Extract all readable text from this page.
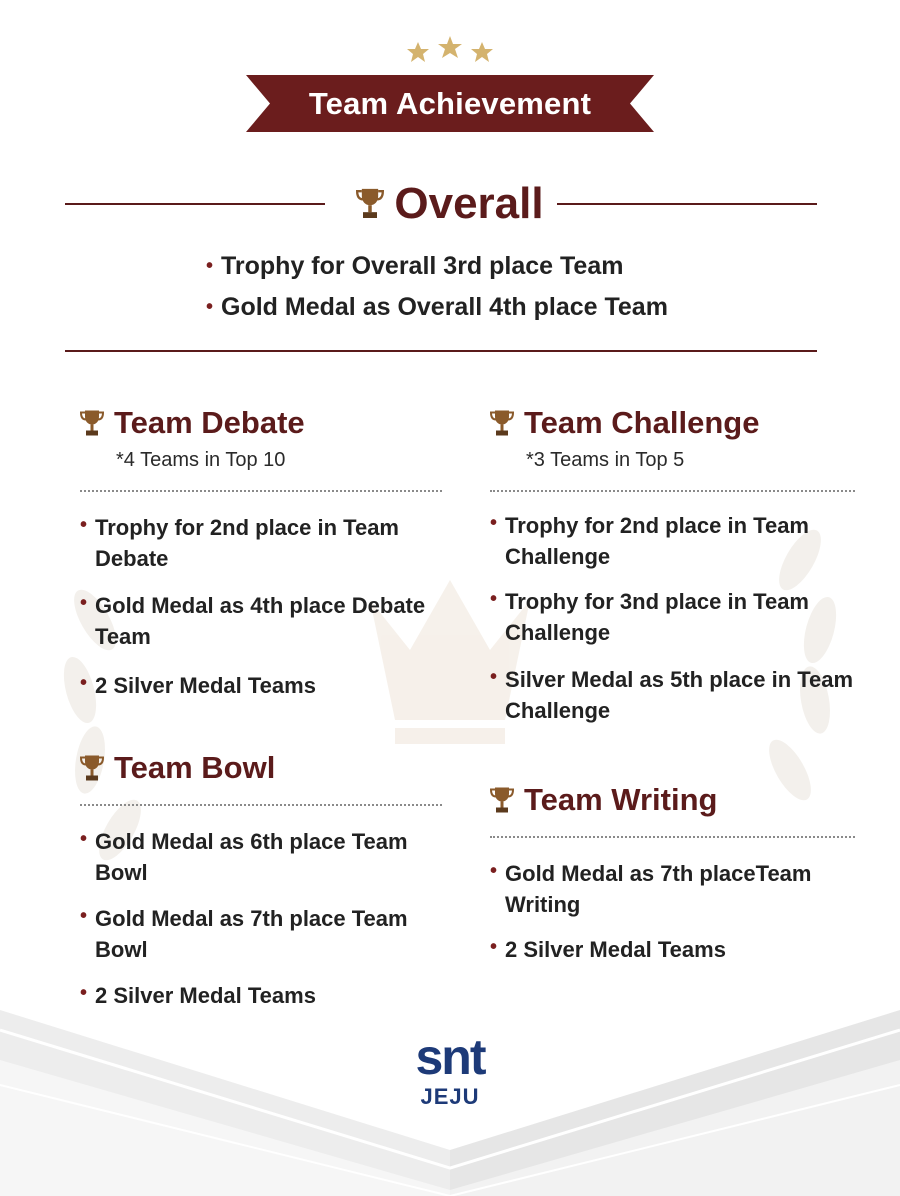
Team Achievement
Overall
• Trophy for Overall 3rd place Team
• Gold Medal as Overall 4th place Team
Team Debate
*4 Teams in Top 10
• Trophy for 2nd place in Team Debate
• Gold Medal as 4th place Debate Team
• 2 Silver Medal Teams
Team Bowl
• Gold Medal as 6th place Team Bowl
• Gold Medal as 7th place Team Bowl
• 2 Silver Medal Teams
Team Challenge
*3 Teams in Top 5
• Trophy for 2nd place in Team Challenge
• Trophy for 3nd place in Team Challenge
• Silver Medal as 5th place in Team Challenge
Team Writing
• Gold Medal as 7th placeTeam Writing
• 2 Silver Medal Teams
snt
JEJU
